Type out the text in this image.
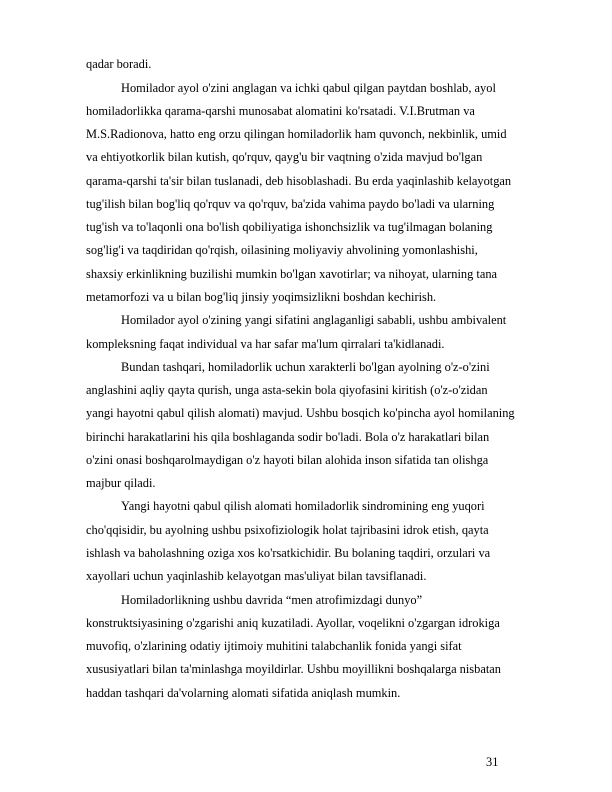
qadar boradi.
Homilador ayol o'zini anglagan va ichki qabul qilgan paytdan boshlab, ayol
homiladorlikka qarama-qarshi munosabat alomatini ko'rsatadi. V.I.Brutman va
M.S.Radionova, hatto eng orzu qilingan homiladorlik ham quvonch, nekbinlik, umid
va ehtiyotkorlik bilan kutish, qo'rquv, qayg'u bir vaqtning o'zida mavjud bo'lgan
qarama-qarshi ta'sir bilan tuslanadi, deb hisoblashadi. Bu erda yaqinlashib kelayotgan
tug'ilish bilan bog'liq qo'rquv va qo'rquv, ba'zida vahima paydo bo'ladi va ularning
tug'ish va to'laqonli ona bo'lish qobiliyatiga ishonchsizlik va tug'ilmagan bolaning
sog'lig'i va taqdiridan qo'rqish, oilasining moliyaviy ahvolining yomonlashishi,
shaxsiy erkinlikning buzilishi mumkin bo'lgan xavotirlar; va nihoyat, ularning tana
metamorfozi va u bilan bog'liq jinsiy yoqimsizlikni boshdan kechirish.
Homilador ayol o'zining yangi sifatini anglaganligi sababli, ushbu ambivalent
kompleksning faqat individual va har safar ma'lum qirralari ta'kidlanadi.
Bundan tashqari, homiladorlik uchun xarakterli bo'lgan ayolning o'z-o'zini
anglashini aqliy qayta qurish, unga asta-sekin bola qiyofasini kiritish (o'z-o'zidan
yangi hayotni qabul qilish alomati) mavjud. Ushbu bosqich ko'pincha ayol homilaning
birinchi harakatlarini his qila boshlaganda sodir bo'ladi. Bola o'z harakatlari bilan
o'zini onasi boshqarolmaydigan o'z hayoti bilan alohida inson sifatida tan olishga
majbur qiladi.
Yangi hayotni qabul qilish alomati homiladorlik sindromining eng yuqori
cho'qqisidir, bu ayolning ushbu psixofiziologik holat tajribasini idrok etish, qayta
ishlash va baholashning oziga xos ko'rsatkichidir. Bu bolaning taqdiri, orzulari va
xayollari uchun yaqinlashib kelayotgan mas'uliyat bilan tavsiflanadi.
Homiladorlikning ushbu davrida “men atrofimizdagi dunyo”
konstruktsiyasining o'zgarishi aniq kuzatiladi. Ayollar, voqelikni o'zgargan idrokiga
muvofiq, o'zlarining odatiy ijtimoiy muhitini talabchanlik fonida yangi sifat
xususiyatlari bilan ta'minlashga moyildirlar. Ushbu moyillikni boshqalarga nisbatan
haddan tashqari da'volarning alomati sifatida aniqlash mumkin.
31
